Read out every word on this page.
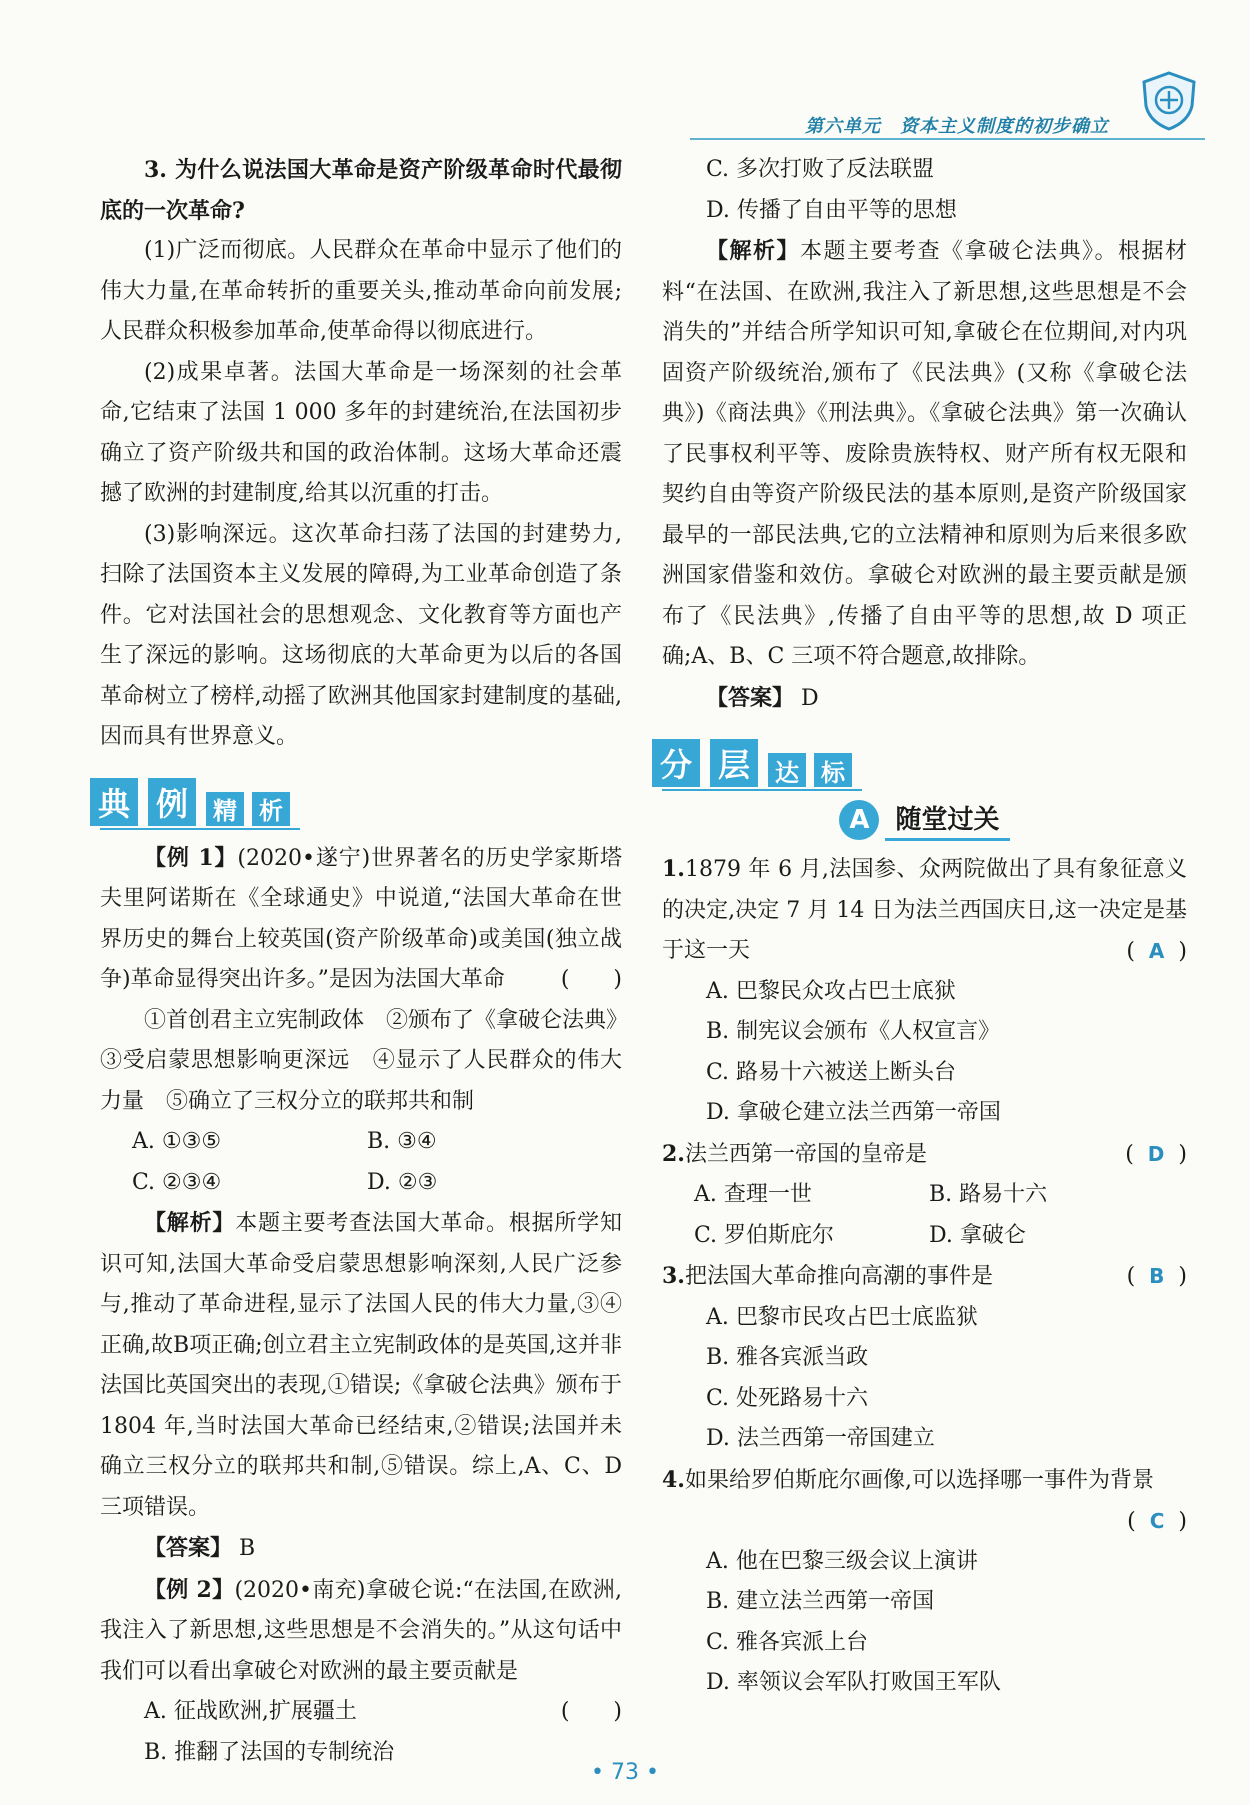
第六单元　资本主义制度的初步确立

3. 为什么说法国大革命是资产阶级革命时代最彻底的一次革命?

(1)广泛而彻底。人民群众在革命中显示了他们的伟大力量,在革命转折的重要关头,推动革命向前发展;人民群众积极参加革命,使革命得以彻底进行。

(2)成果卓著。法国大革命是一场深刻的社会革命,它结束了法国 1 000 多年的封建统治,在法国初步确立了资产阶级共和国的政治体制。这场大革命还震撼了欧洲的封建制度,给其以沉重的打击。

(3)影响深远。这次革命扫荡了法国的封建势力,扫除了法国资本主义发展的障碍,为工业革命创造了条件。它对法国社会的思想观念、文化教育等方面也产生了深远的影响。这场彻底的大革命更为以后的各国革命树立了榜样,动摇了欧洲其他国家封建制度的基础,因而具有世界意义。

典 例	精 析

【例 1】(2020•遂宁)世界著名的历史学家斯塔夫里阿诺斯在《全球通史》中说道,“法国大革命在世界历史的舞台上较英国(资产阶级革命)或美国(独立战争)革命显得突出许多。”是因为法国大革命	(　　)

①首创君主立宪制政体　②颁布了《拿破仑法典》

③受启蒙思想影响更深远　④显示了人民群众的伟大力量　⑤确立了三权分立的联邦共和制

A. ①③⑤	B. ③④
C. ②③④	D. ②③

【解析】本题主要考查法国大革命。根据所学知识可知,法国大革命受启蒙思想影响深刻,人民广泛参与,推动了革命进程,显示了法国人民的伟大力量,③④正确,故B项正确;创立君主立宪制政体的是英国,这并非法国比英国突出的表现,①错误;《拿破仑法典》颁布于 1804 年,当时法国大革命已经结束,②错误;法国并未确立三权分立的联邦共和制,⑤错误。综上,A、C、D三项错误。

【答案】 B

【例 2】(2020•南充)拿破仑说:“在法国,在欧洲,我注入了新思想,这些思想是不会消失的。”从这句话中我们可以看出拿破仑对欧洲的最主要贡献是
(　　)

A. 征战欧洲,扩展疆土
B. 推翻了法国的专制统治
C. 多次打败了反法联盟
D. 传播了自由平等的思想

【解析】本题主要考查《拿破仑法典》。根据材料“在法国、在欧洲,我注入了新思想,这些思想是不会消失的”并结合所学知识可知,拿破仑在位期间,对内巩固资产阶级统治,颁布了《民法典》(又称《拿破仑法典》)《商法典》《刑法典》。《拿破仑法典》第一次确认了民事权利平等、废除贵族特权、财产所有权无限和契约自由等资产阶级民法的基本原则,是资产阶级国家最早的一部民法典,它的立法精神和原则为后来很多欧洲国家借鉴和效仿。拿破仑对欧洲的最主要贡献是颁布了《民法典》,传播了自由平等的思想,故 D 项正确;A、B、C 三项不符合题意,故排除。

【答案】 D

分 层	达 标
A 随堂过关

1.1879 年 6 月,法国参、众两院做出了具有象征意义的决定,决定 7 月 14 日为法兰西国庆日,这一决定是基于这一天	( A )

A. 巴黎民众攻占巴士底狱
B. 制宪议会颁布《人权宣言》
C. 路易十六被送上断头台
D. 拿破仑建立法兰西第一帝国

2.法兰西第一帝国的皇帝是	( D )

A. 查理一世	B. 路易十六
C. 罗伯斯庇尔	D. 拿破仑

3.把法国大革命推向高潮的事件是	( B )

A. 巴黎市民攻占巴士底监狱
B. 雅各宾派当政
C. 处死路易十六
D. 法兰西第一帝国建立

4.如果给罗伯斯庇尔画像,可以选择哪一事件为背景

( C )

A. 他在巴黎三级会议上演讲
B. 建立法兰西第一帝国
C. 雅各宾派上台
D. 率领议会军队打败国王军队
• 73 •
